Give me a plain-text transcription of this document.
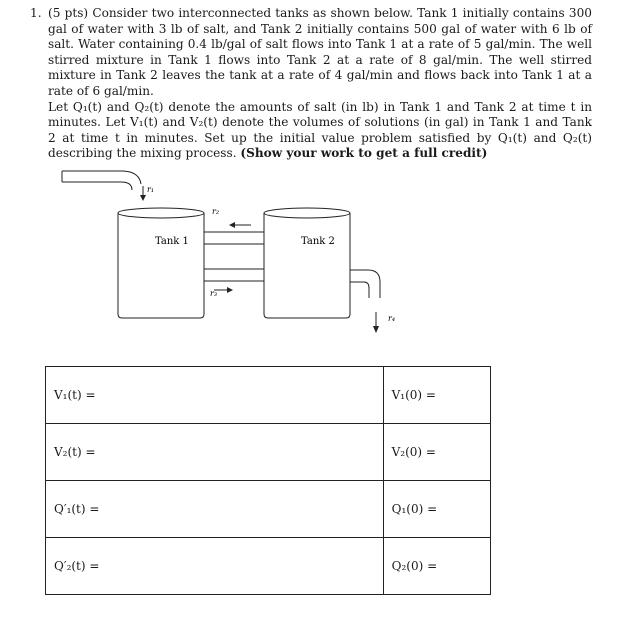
1. (5 pts) Consider two interconnected tanks as shown below. Tank 1 initially contains 300 gal of water with 3 lb of salt, and Tank 2 initially contains 500 gal of water with 6 lb of salt. Water containing 0.4 lb/gal of salt flows into Tank 1 at a rate of 5 gal/min. The well stirred mixture in Tank 1 flows into Tank 2 at a rate of 8 gal/min. The well stirred mixture in Tank 2 leaves the tank at a rate of 4 gal/min and flows back into Tank 1 at a rate of 6 gal/min.
Let Q₁(t) and Q₂(t) denote the amounts of salt (in lb) in Tank 1 and Tank 2 at time t in minutes. Let V₁(t) and V₂(t) denote the volumes of solutions (in gal) in Tank 1 and Tank 2 at time t in minutes. Set up the initial value problem satisfied by Q₁(t) and Q₂(t) describing the mixing process. (Show your work to get a full credit)
r₁
Tank 1	Tank 2
r₂
r₃
r₄
V₁(t) =	V₁(0) =
V₂(t) =	V₂(0) =
Q′₁(t) =	Q₁(0) =
Q′₂(t) =	Q₂(0) =
